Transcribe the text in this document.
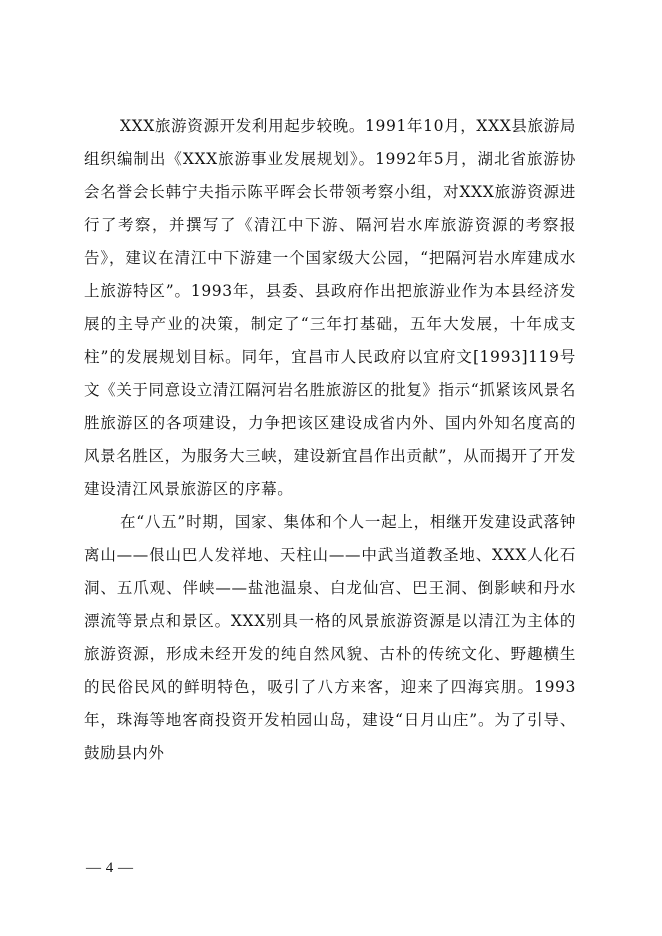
XXX旅游资源开发利用起步较晚。1991年10月，XXX县旅游局组织编制出《XXX旅游事业发展规划》。1992年5月，湖北省旅游协会名誉会长韩宁夫指示陈平晖会长带领考察小组，对XXX旅游资源进行了考察，并撰写了《清江中下游、隔河岩水库旅游资源的考察报告》，建议在清江中下游建一个国家级大公园，“把隔河岩水库建成水上旅游特区”。1993年，县委、县政府作出把旅游业作为本县经济发展的主导产业的决策，制定了“三年打基础，五年大发展，十年成支柱”的发展规划目标。同年，宜昌市人民政府以宜府文[1993]119号文《关于同意设立清江隔河岩名胜旅游区的批复》指示“抓紧该风景名胜旅游区的各项建设，力争把该区建设成省内外、国内外知名度高的风景名胜区，为服务大三峡，建设新宜昌作出贡献”，从而揭开了开发建设清江风景旅游区的序幕。

在“八五”时期，国家、集体和个人一起上，相继开发建设武落钟离山——佷山巴人发祥地、天柱山——中武当道教圣地、XXX人化石洞、五爪观、伴峡——盐池温泉、白龙仙宫、巴王洞、倒影峡和丹水漂流等景点和景区。XXX别具一格的风景旅游资源是以清江为主体的旅游资源，形成未经开发的纯自然风貌、古朴的传统文化、野趣横生的民俗民风的鲜明特色，吸引了八方来客，迎来了四海宾朋。1993年，珠海等地客商投资开发柏园山岛，建设“日月山庄”。为了引导、鼓励县内外

— 4 —
